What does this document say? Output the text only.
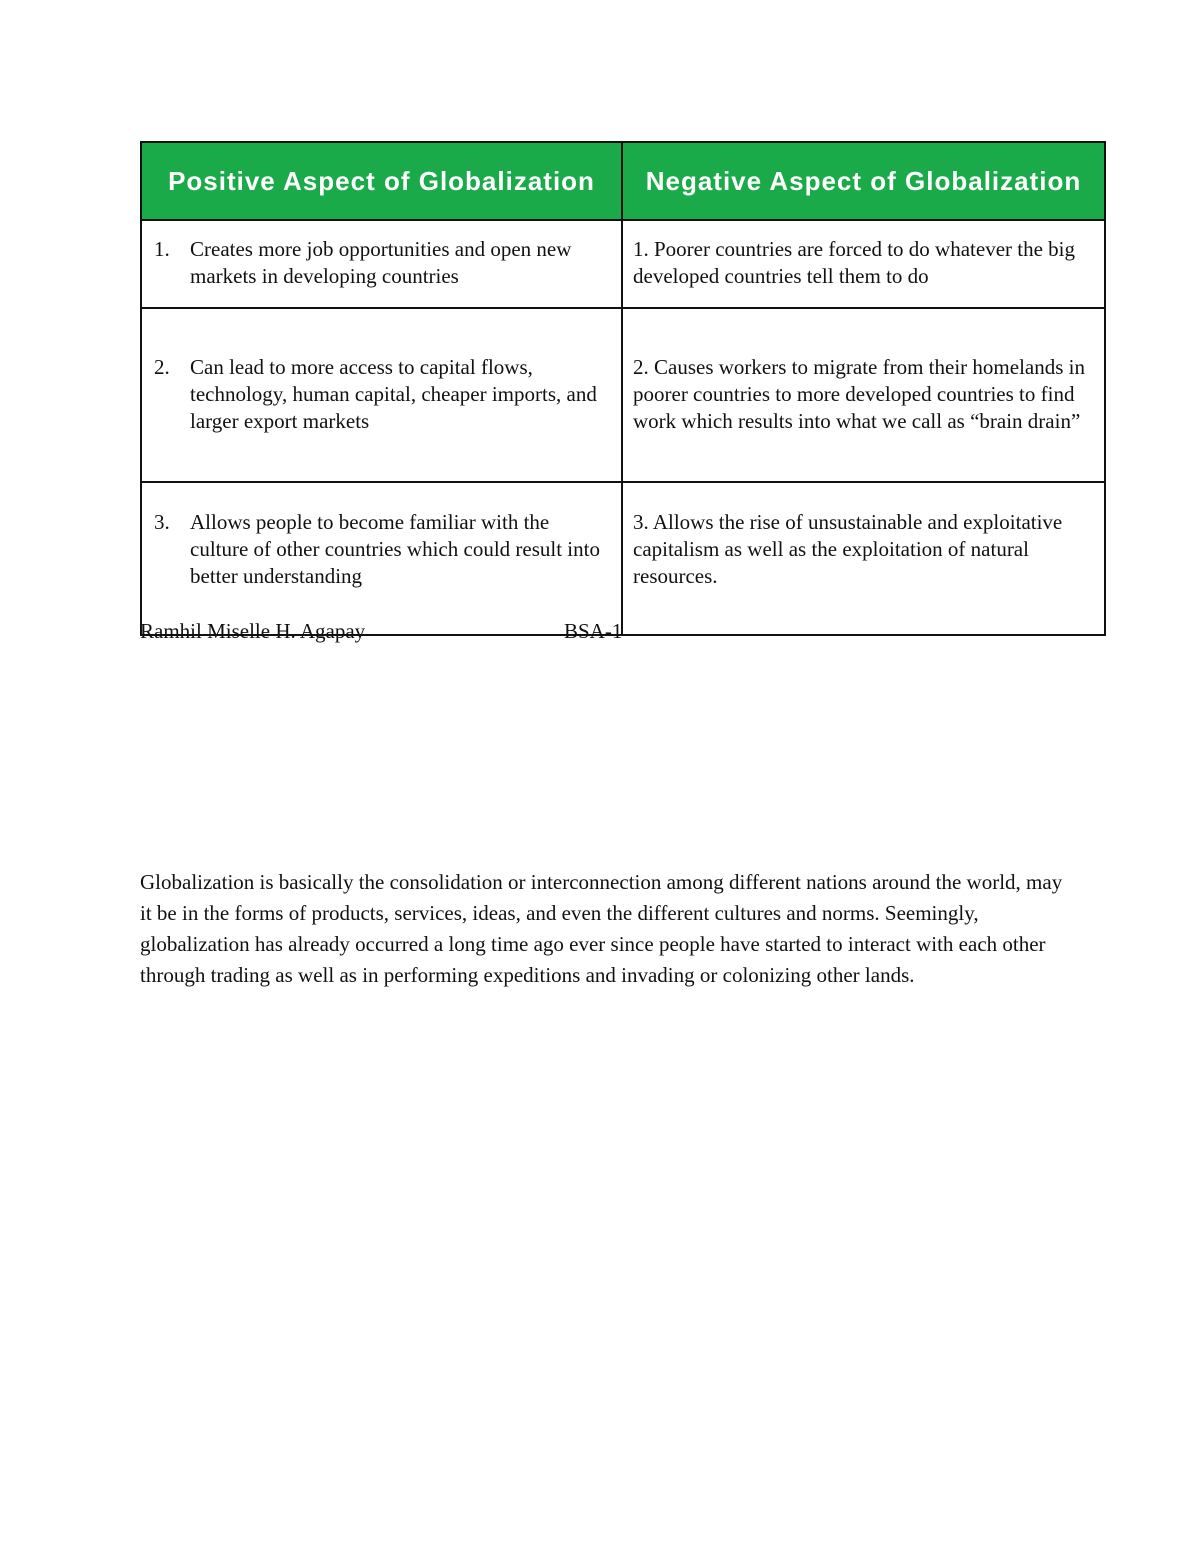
Positive Aspect of Globalization	Negative Aspect of Globalization

1. Creates more job opportunities and open new markets in developing countries	1. Poorer countries are forced to do whatever the big developed countries tell them to do

2. Can lead to more access to capital flows, technology, human capital, cheaper imports, and larger export markets	2. Causes workers to migrate from their homelands in poorer countries to more developed countries to find work which results into what we call as “brain drain”

3. Allows people to become familiar with the culture of other countries which could result into better understanding	3. Allows the rise of unsustainable and exploitative capitalism as well as the exploitation of natural resources.
Ramhil Miselle H. Agapay	BSA-1

Globalization is basically the consolidation or interconnection among different nations around the world, may it be in the forms of products, services, ideas, and even the different cultures and norms. Seemingly, globalization has already occurred a long time ago ever since people have started to interact with each other through trading as well as in performing expeditions and invading or colonizing other lands.
